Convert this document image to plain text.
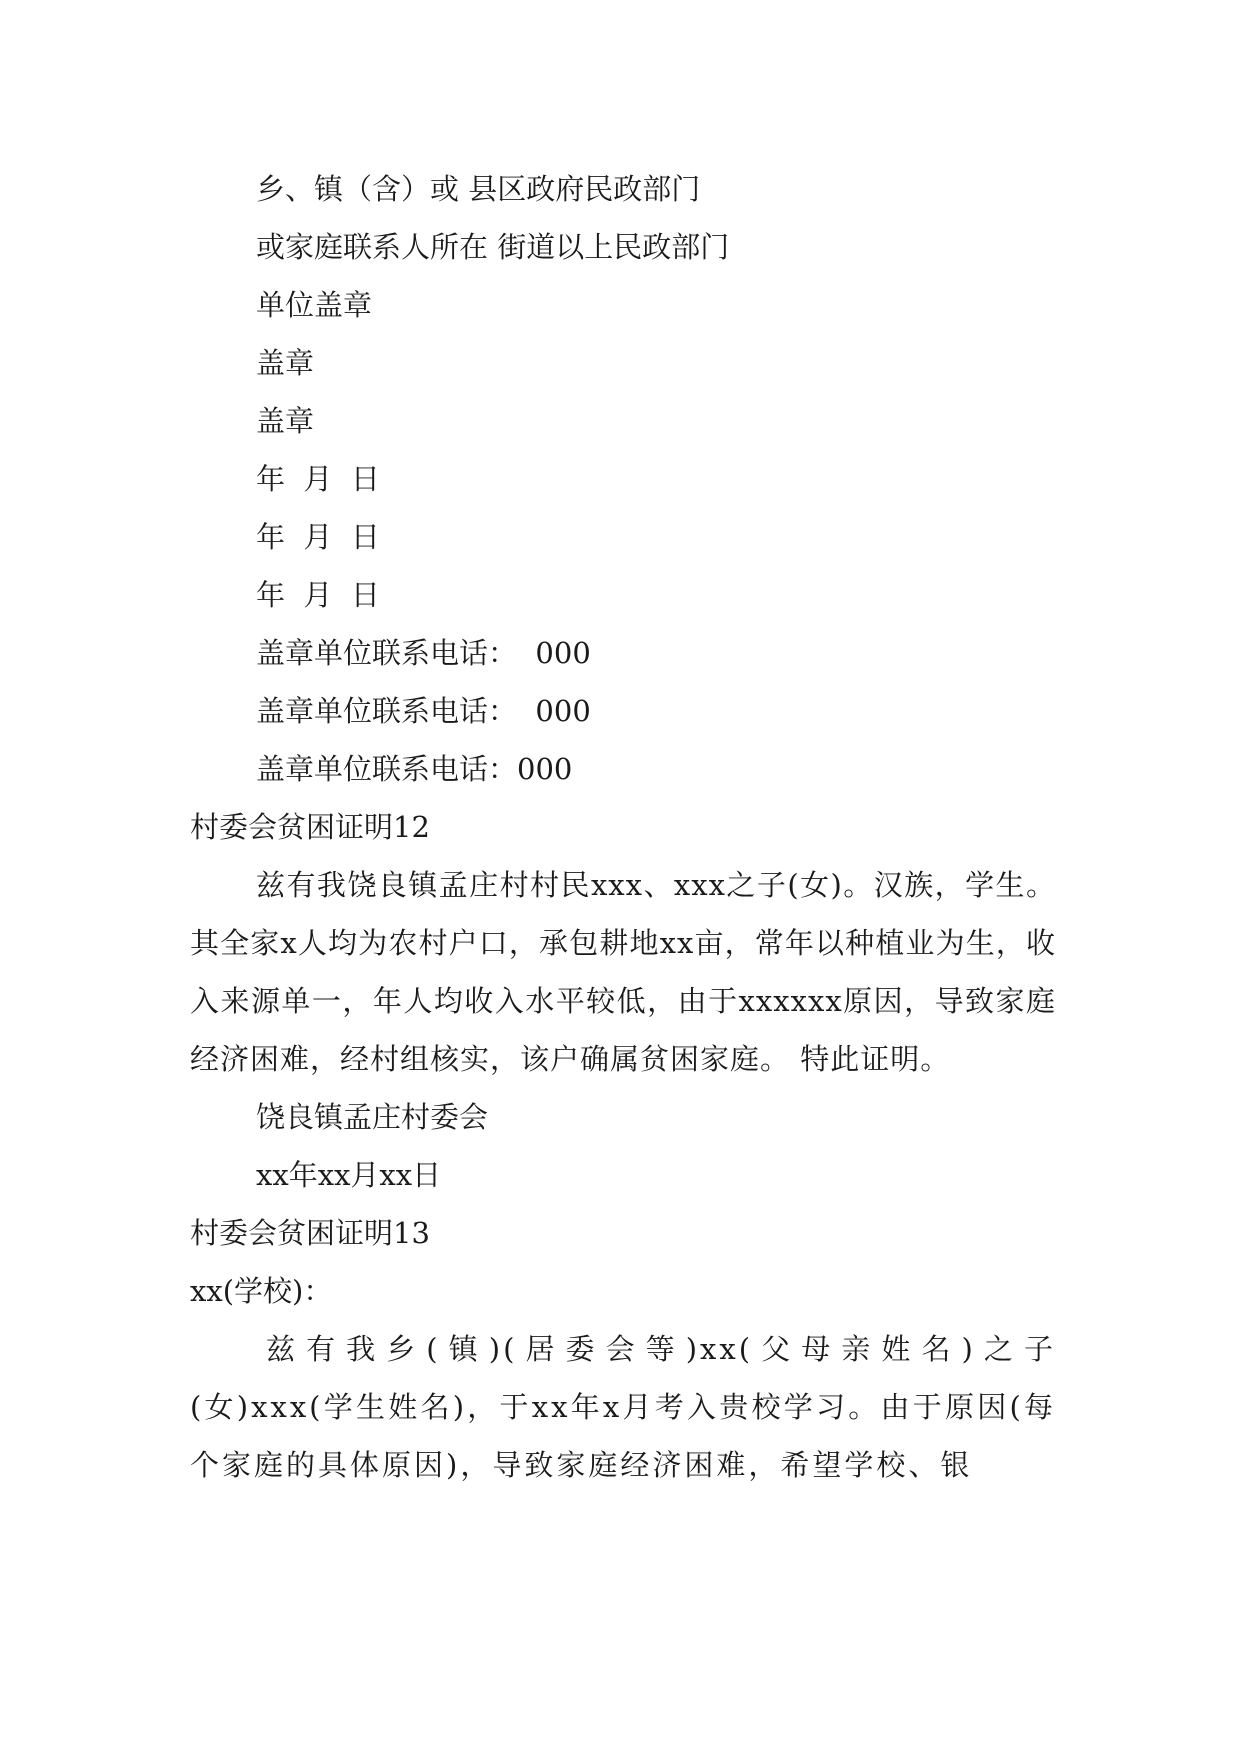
乡、镇（含）或 县区政府民政部门
或家庭联系人所在 街道以上民政部门
单位盖章
盖章
盖章
年  月  日
年  月  日
年  月  日
盖章单位联系电话：  000
盖章单位联系电话：  000
盖章单位联系电话：000
村委会贫困证明12
兹有我饶良镇孟庄村村民xxx、xxx之子(女)。汉族，学生。其全家x人均为农村户口，承包耕地xx亩，常年以种植业为生，收入来源单一，年人均收入水平较低，由于xxxxxx原因，导致家庭经济困难，经村组核实，该户确属贫困家庭。 特此证明。
饶良镇孟庄村委会
xx年xx月xx日
村委会贫困证明13
xx(学校)：
兹有我乡(镇)(居委会等)xx(父母亲姓名)之子(女)xxx(学生姓名)，于xx年x月考入贵校学习。由于原因(每个家庭的具体原因)，导致家庭经济困难，希望学校、银
